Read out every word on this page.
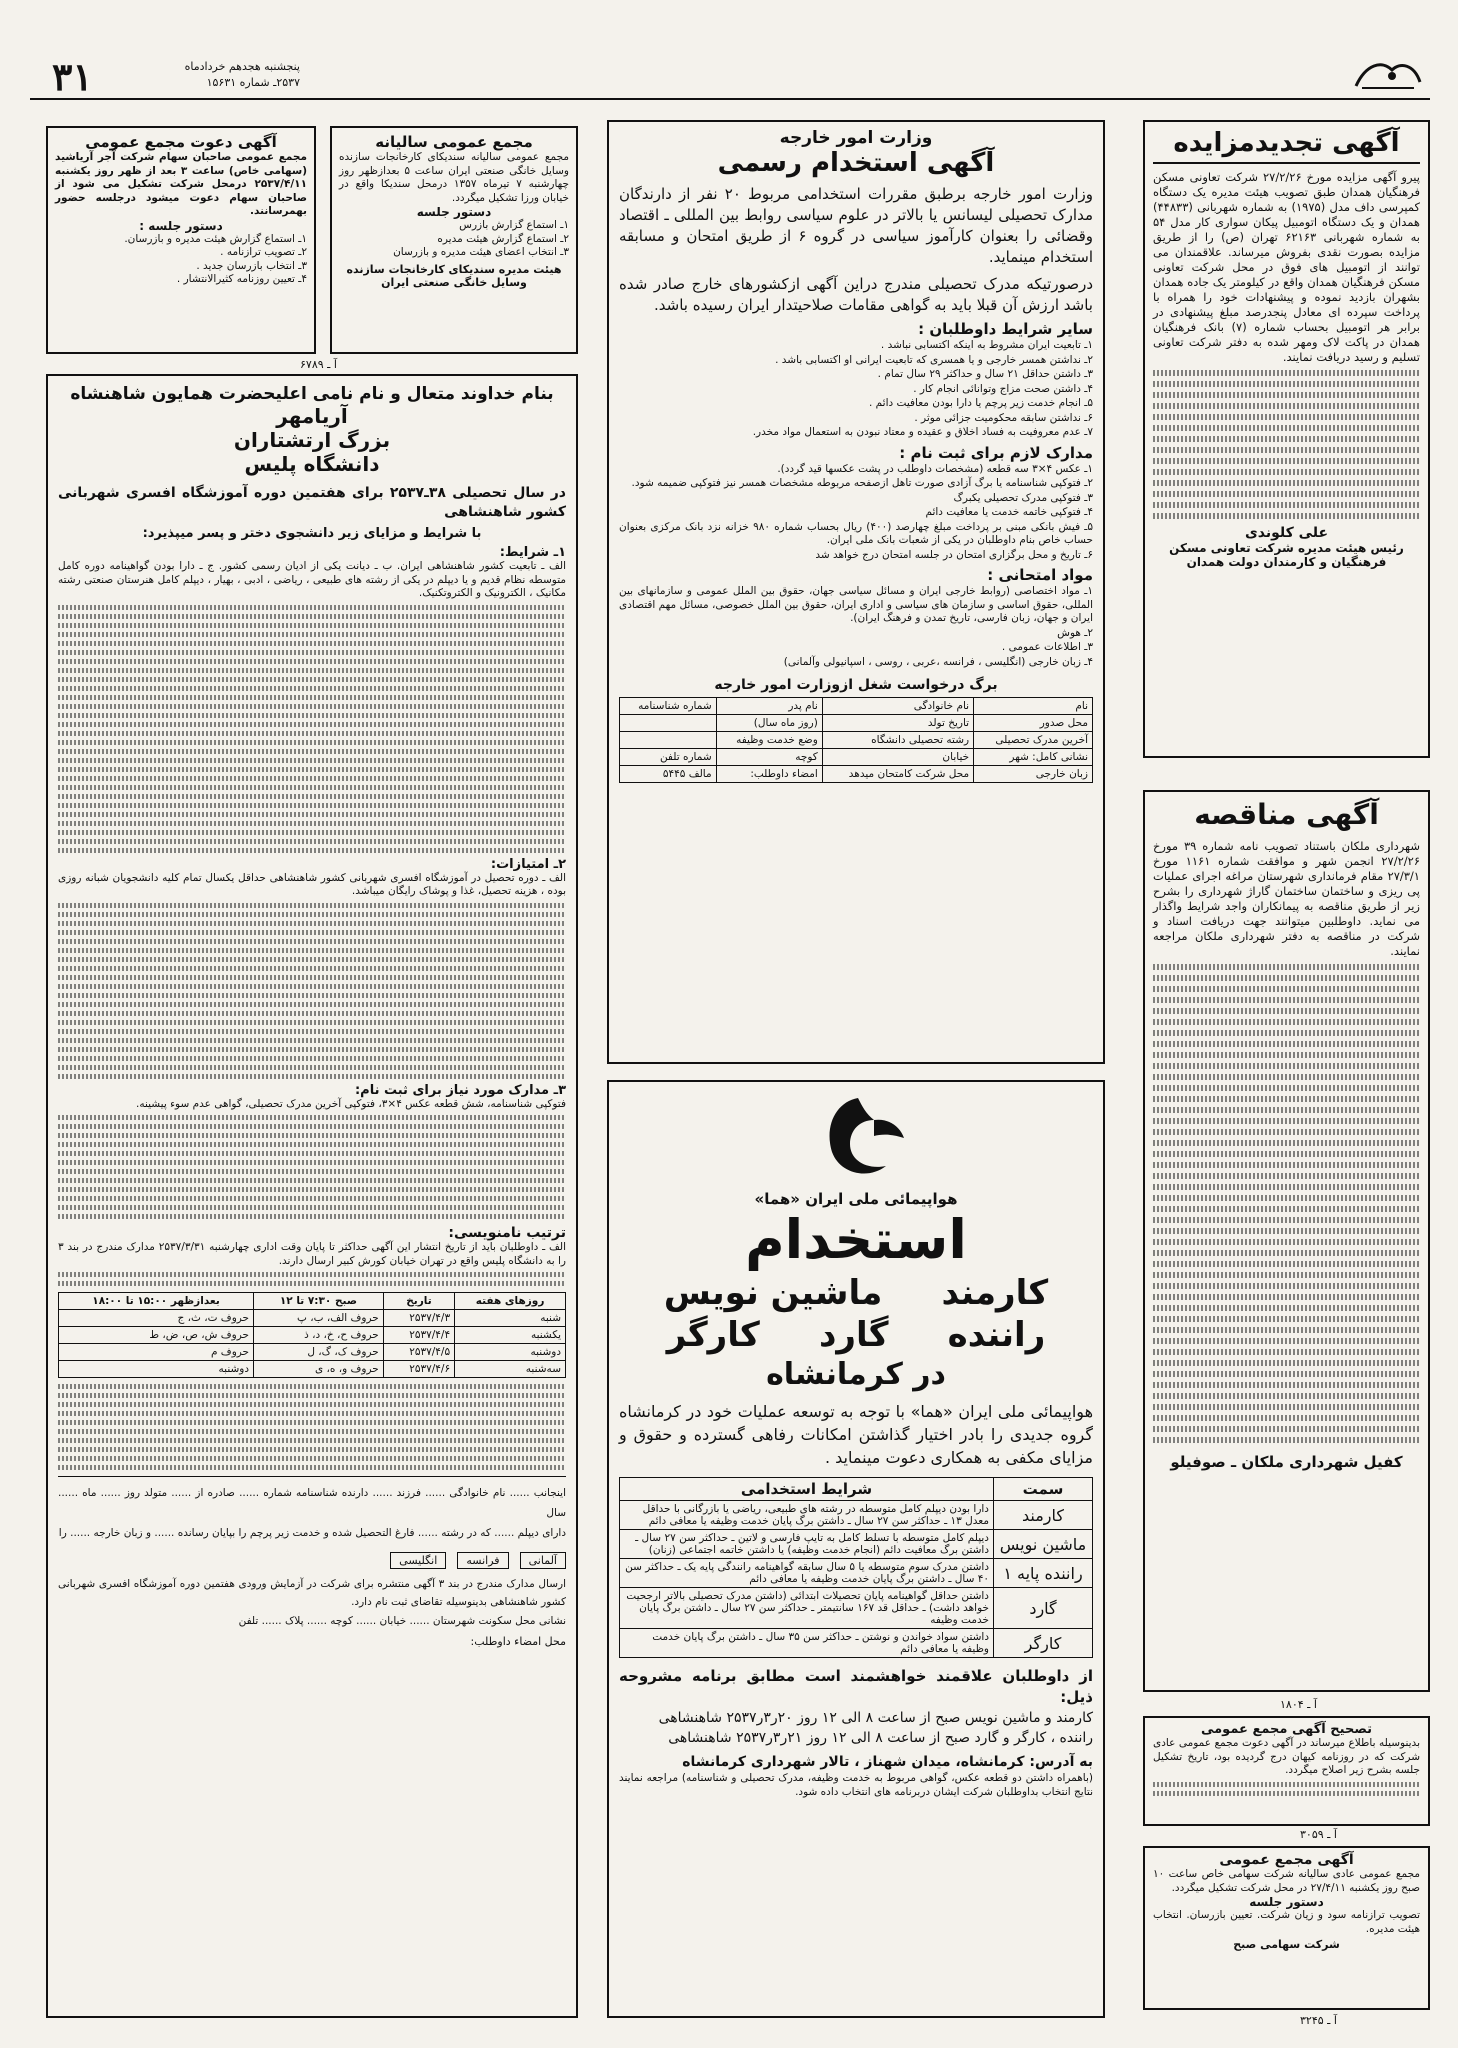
۳۱	پنجشنبه هجدهم خردادماه
۲۵۳۷ـ شماره ۱۵۶۳۱
آگهی تجدیدمزایده
پیرو آگهی مزایده مورخ ۲۷/۲/۲۶ شرکت تعاونی مسکن فرهنگیان همدان طبق تصویب هیئت مدیره یک دستگاه کمپرسی داف مدل (۱۹۷۵) به شماره شهربانی (۴۴۸۳۳) همدان و یک دستگاه اتومبیل پیکان سواری کار مدل ۵۴ به شماره شهربانی ۶۲۱۶۳ تهران (ص) را از طریق مزایده بصورت نقدی بفروش میرساند. علاقمندان می توانند از اتومبیل های فوق در محل شرکت تعاونی مسکن فرهنگیان همدان واقع در کیلومتر یک جاده همدان بشهران بازدید نموده و پیشنهادات خود را همراه با پرداخت سپرده ای معادل پنجدرصد مبلغ پیشنهادی در برابر هر اتومبیل بحساب شماره (۷) بانک فرهنگیان همدان در پاکت لاک ومهر شده به دفتر شرکت تعاونی تسلیم و رسید دریافت نمایند.
علی کلوندی
رئیس هیئت مدیره شرکت تعاونی مسکن فرهنگیان و کارمندان دولت همدان
آگهی مناقصه
شهرداری ملکان باستناد تصویب نامه شماره ۳۹ مورخ ۲۷/۲/۲۶ انجمن شهر و موافقت شماره ۱۱۶۱ مورخ ۲۷/۳/۱ مقام فرمانداری شهرستان مراغه اجرای عملیات پی ریزی و ساختمان ساختمان گاراژ شهرداری را بشرح زیر از طریق مناقصه به پیمانکاران واجد شرایط واگذار می نماید. داوطلبین میتوانند جهت دریافت اسناد و شرکت در مناقصه به دفتر شهرداری ملکان مراجعه نمایند.
کفیل شهرداری ملکان ـ صوفیلو
آ ـ ۱۸۰۴
تصحیح آگهی مجمع عمومی
بدینوسیله باطلاع میرساند در آگهی دعوت مجمع عمومی عادی شرکت که در روزنامه کیهان درج گردیده بود، تاریخ تشکیل جلسه بشرح زیر اصلاح میگردد.
آ ـ ۳۰۵۹
آگهی مجمع عمومی
مجمع عمومی عادی سالیانه شرکت سهامی خاص ساعت ۱۰ صبح روز یکشنبه ۲۷/۴/۱۱ در محل شرکت تشکیل میگردد.
دستور جلسه
تصویب ترازنامه سود و زیان شرکت. تعیین بازرسان. انتخاب هیئت مدیره.
شرکت سهامی صبح
آ ـ ۳۲۴۵
وزارت امور خارجه
آگهی استخدام رسمی
وزارت امور خارجه برطبق مقررات استخدامی مربوط ۲۰ نفر از دارندگان مدارک تحصیلی لیسانس یا بالاتر در علوم سیاسی روابط بین المللی ـ اقتصاد وقضائی را بعنوان کارآموز سیاسی در گروه ۶ از طریق امتحان و مسابقه استخدام مینماید.
درصورتیکه مدرک تحصیلی مندرج دراین آگهی ازکشورهای خارج صادر شده باشد ارزش آن قبلا باید به گواهی مقامات صلاحیتدار ایران رسیده باشد.
سایر شرایط داوطلبان :
۱ـ تابعیت ایران مشروط به اینکه اکتسابی نباشد .
۲ـ نداشتن همسر خارجی و یا همسری که تابعیت ایرانی او اکتسابی باشد .
۳ـ داشتن حداقل ۲۱ سال و حداکثر ۲۹ سال تمام .
۴ـ داشتن صحت مزاج وتوانائی انجام کار .
۵ـ انجام خدمت زیر پرچم یا دارا بودن معافیت دائم .
۶ـ نداشتن سابقه محکومیت جزائی موثر .
۷ـ عدم معروفیت به فساد اخلاق و عقیده و معتاد نبودن به استعمال مواد مخدر.
مدارک لازم برای ثبت نام :
۱ـ عکس ۴×۳ سه قطعه (مشخصات داوطلب در پشت عکسها قید گردد).
۲ـ فتوکپی شناسنامه یا برگ آزادی صورت تاهل ازصفحه مربوطه مشخصات همسر نیز فتوکپی ضمیمه شود.
۳ـ فتوکپی مدرک تحصیلی یکبرگ
۴ـ فتوکپی خاتمه خدمت یا معافیت دائم
۵ـ فیش بانکی مبنی بر پرداخت مبلغ چهارصد (۴۰۰) ریال بحساب شماره ۹۸۰ خزانه نزد بانک مرکزی بعنوان حساب خاص بنام داوطلبان در یکی از شعبات بانک ملی ایران.
۶ـ تاریخ و محل برگزاری امتحان در جلسه امتحان درج خواهد شد
مواد امتحانی :
۱ـ مواد اختصاصی (روابط خارجی ایران و مسائل سیاسی جهان، حقوق بین الملل عمومی و سازمانهای بین المللی، حقوق اساسی و سازمان های سیاسی و اداری ایران، حقوق بین الملل خصوصی، مسائل مهم اقتصادی ایران و جهان، زبان فارسی، تاریخ تمدن و فرهنگ ایران).
۲ـ هوش
۳ـ اطلاعات عمومی .
۴ـ زبان خارجی (انگلیسی ، فرانسه ،عربی ، روسی ، اسپانیولی وآلمانی)
برگ درخواست شغل ازوزارت امور خارجه
نام	نام خانوادگی	نام پدر	شماره شناسنامه
محل صدور	تاریخ تولد	(روز ماه سال)	
آخرین مدرک تحصیلی	رشته تحصیلی دانشگاه	وضع خدمت وظیفه	
نشانی کامل: شهر	خیابان	کوچه	شماره تلفن
زبان خارجی	محل شرکت کامتحان میدهد	امضاء داوطلب:	مالف ۵۴۴۵
هواپیمائی ملی ایران «هما»
استخدام
کارمند     ماشین نویس
راننده     گارد     کارگر
در کرمانشاه
هواپیمائی ملی ایران «هما» با توجه به توسعه عملیات خود در کرمانشاه گروه جدیدی را بادر اختیار گذاشتن امکانات رفاهی گسترده و حقوق و مزایای مکفی به همکاری دعوت مینماید .
سمت	شرایط استخدامی
کارمند	دارا بودن دیپلم کامل متوسطه در رشته های طبیعی، ریاضی یا بازرگانی با حداقل معدل ۱۳ ـ حداکثر سن ۲۷ سال ـ داشتن برگ پایان خدمت وظیفه یا معافی دائم
ماشین نویس	دیپلم کامل متوسطه با تسلط کامل به تایپ فارسی و لاتین ـ حداکثر سن ۲۷ سال ـ داشتن برگ معافیت دائم (انجام خدمت وظیفه) یا داشتن خاتمه اجتماعی (زنان)
راننده پایه ۱	داشتن مدرک سوم متوسطه یا ۵ سال سابقه گواهینامه رانندگی پایه یک ـ حداکثر سن ۴۰ سال ـ داشتن برگ پایان خدمت وظیفه یا معافی دائم
گارد	داشتن حداقل گواهینامه پایان تحصیلات ابتدائی (داشتن مدرک تحصیلی بالاتر ارجحیت خواهد داشت) ـ حداقل قد ۱۶۷ سانتیمتر ـ حداکثر سن ۲۷ سال ـ داشتن برگ پایان خدمت وظیفه
کارگر	داشتن سواد خواندن و نوشتن ـ حداکثر سن ۳۵ سال ـ داشتن برگ پایان خدمت وظیفه یا معافی دائم
از داوطلبان علاقمند خواهشمند است مطابق برنامه مشروحه ذیل:
کارمند و ماشین نویس صبح از ساعت ۸ الی ۱۲ روز ۲۰ر۳ر۲۵۳۷ شاهنشاهی
راننده ، کارگر و گارد صبح از ساعت ۸ الی ۱۲ روز ۲۱ر۳ر۲۵۳۷ شاهنشاهی
به آدرس: کرمانشاه، میدان شهناز ، تالار شهرداری کرمانشاه
(باهمراه داشتن دو قطعه عکس، گواهی مربوط به خدمت وظیفه، مدرک تحصیلی و شناسنامه) مراجعه نمایند نتایج انتخاب بداوطلبان شرکت ایشان دربرنامه های انتخاب داده شود.
مجمع عمومی سالیانه
مجمع عمومی سالیانه سندیکای کارخانجات سازنده وسایل خانگی صنعتی ایران ساعت ۵ بعدازظهر روز چهارشنبه ۷ تیرماه ۱۳۵۷ درمحل سندیکا واقع در خیابان ورزا تشکیل میگردد.
دستور جلسه
۱ـ استماع گزارش بازرس
۲ـ استماع گزارش هیئت مدیره
۳ـ انتخاب اعضای هیئت مدیره و بازرسان
هیئت مدیره سندیکای کارخانجات سازنده وسایل خانگی صنعتی ایران
آ ـ ۶۷۸۹
آگهی دعوت مجمع عمومی
مجمع عمومی صاحبان سهام شرکت آجر آریاشید (سهامی خاص) ساعت ۳ بعد از ظهر روز یکشنبه ۲۵۳۷/۴/۱۱ درمحل شرکت تشکیل می شود از صاحبان سهام دعوت میشود درجلسه حضور بهمرسانند.
دستور جلسه :
۱ـ استماع گزارش هیئت مدیره و بازرسان.
۲ـ تصویب ترازنامه .
۳ـ انتخاب بازرسان جدید .
۴ـ تعیین روزنامه کثیرالانتشار .
بنام خداوند متعال و نام نامی اعلیحضرت همایون شاهنشاه
آریامهر
بزرگ ارتشتاران
دانشگاه پلیس
در سال تحصیلی ۳۸ـ۲۵۳۷ برای هفتمین دوره آموزشگاه افسری شهربانی کشور شاهنشاهی
با شرایط و مزایای زیر دانشجوی دختر و پسر میپذیرد:
۱ـ شرایط:
الف ـ تابعیت کشور شاهنشاهی ایران. ب ـ دیانت یکی از ادیان رسمی کشور. ج ـ دارا بودن گواهینامه دوره کامل متوسطه نظام قدیم و یا دیپلم در یکی از رشته های طبیعی ، ریاضی ، ادبی ، بهیار ، دیپلم کامل هنرستان صنعتی رشته مکانیک ، الکترونیک و الکتروتکنیک.
۲ـ امتیازات:
الف ـ دوره تحصیل در آموزشگاه افسری شهربانی کشور شاهنشاهی حداقل یکسال تمام کلیه دانشجویان شبانه روزی بوده ، هزینه تحصیل، غذا و پوشاک رایگان میباشد.
۳ـ مدارک مورد نیاز برای ثبت نام:
فتوکپی شناسنامه، شش قطعه عکس ۴×۳، فتوکپی آخرین مدرک تحصیلی، گواهی عدم سوء پیشینه.
ترتیب نامنویسی:
الف ـ داوطلبان باید از تاریخ انتشار این آگهی حداکثر تا پایان وقت اداری چهارشنبه ۲۵۳۷/۳/۳۱ مدارک مندرج در بند ۳ را به دانشگاه پلیس واقع در تهران خیابان کورش کبیر ارسال دارند.
روزهای هفته	تاریخ	صبح ۷:۳۰ تا ۱۲	بعدازظهر ۱۵:۰۰ تا ۱۸:۰۰
شنبه	۲۵۳۷/۴/۳	حروف الف، ب، پ	حروف ت، ث، ج
یکشنبه	۲۵۳۷/۴/۴	حروف ح، خ، د، ذ	حروف ش، ص، ض، ط
دوشنبه	۲۵۳۷/۴/۵	حروف ک، گ، ل	حروف م
سه‌شنبه	۲۵۳۷/۴/۶	حروف و، ه، ی	دوشنبه
اینجانب ...... نام خانوادگی ...... فرزند ...... دارنده شناسنامه شماره ...... صادره از ...... متولد روز ...... ماه ...... سال
دارای دیپلم ...... که در رشته ...... فارغ التحصیل شده و خدمت زیر پرچم را بپایان رسانده ...... و زبان خارجه ...... را
آلمانی فرانسه انگلیسی
ارسال مدارک مندرج در بند ۳ آگهی منتشره برای شرکت در آزمایش ورودی هفتمین دوره آموزشگاه افسری شهربانی کشور شاهنشاهی بدینوسیله تقاضای ثبت نام دارد.
نشانی محل سکونت شهرستان ...... خیابان ...... کوچه ...... پلاک ...... تلفن
محل امضاء داوطلب:
